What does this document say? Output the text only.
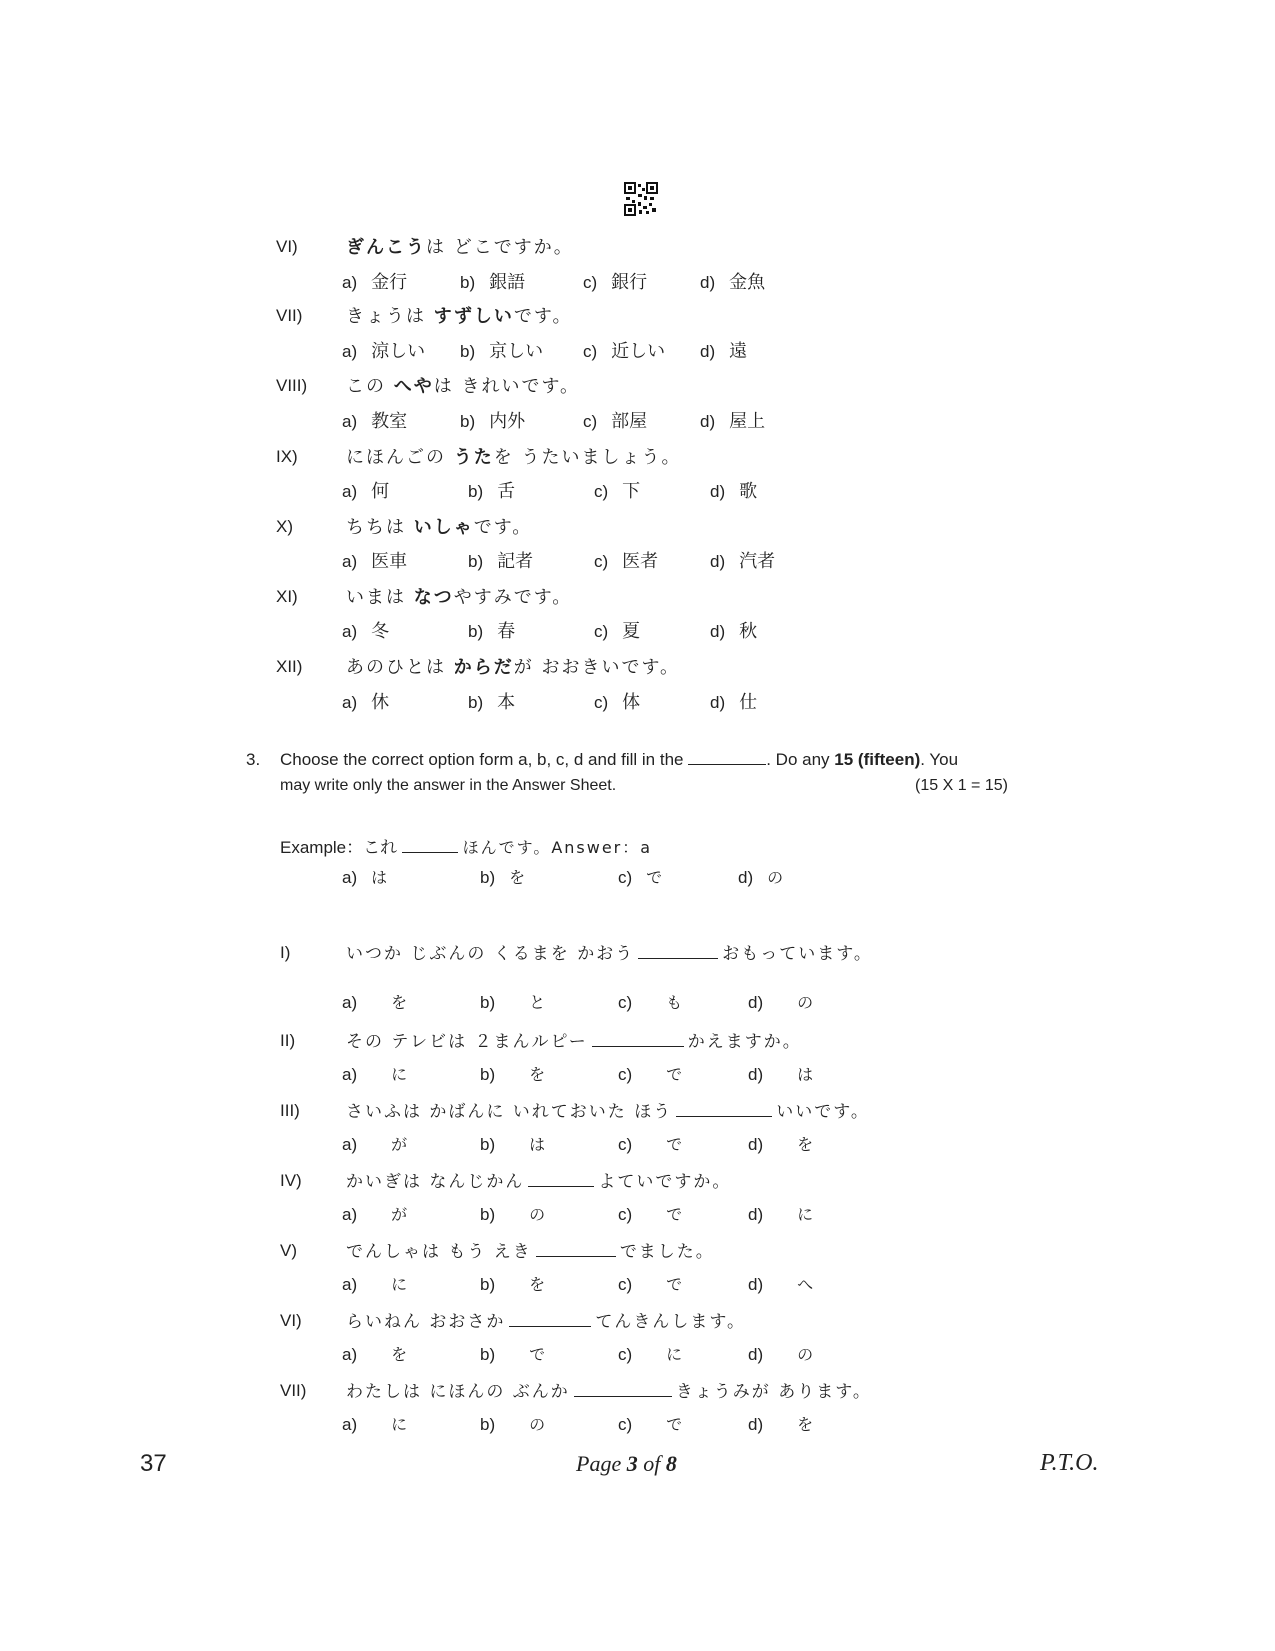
VI)	ぎんこうは どこですか。
a) 金行	b) 銀語	c) 銀行	d) 金魚
VII) きょうは すずしいです。
a) 涼しい b) 京しい c) 近しい d) 遠
VIII) この へやは きれいです。
a) 教室	b) 内外	c) 部屋	d) 屋上
IX)	にほんごの うたを うたいましょう。
a) 何	b) 舌	c) 下	d) 歌
X)	ちちは いしゃです。
a) 医車	b) 記者	c) 医者	d) 汽者
XI)	いまは なつやすみです。
a) 冬	b) 春	c) 夏	d) 秋
XII) あのひとは からだが おおきいです。
a) 休	b) 本	c) 体	d) 仕
3. Choose the correct option form a, b, c, d and fill in the	. Do any 15 (fifteen). You
may write only the answer in the Answer Sheet.	(15 X 1 = 15)
Example：これ	ほんです。Answer：a
a) は	b) を	c) で	d) の
I)	いつか じぶんの くるまを かおう	おもっています。
a) を	b) と	c) も	d) の
II)	その テレビは ２まんルピー	かえますか。
a) に	b) を	c) で	d) は
III)	さいふは かばんに いれておいた ほう	いいです。
a) が	b) は	c) で	d) を
IV)	かいぎは なんじかん	よていですか。
a) が	b) の	c) で	d) に
V)	でんしゃは もう えき	でました。
a) に	b) を	c) で	d) へ
VI)	らいねん おおさか	てんきんします。
a) を	b) で	c) に	d) の
VII) わたしは にほんの ぶんか	きょうみが あります。
a) に	b) の	c) で	d) を
37	Page 3 of 8	P.T.O.
